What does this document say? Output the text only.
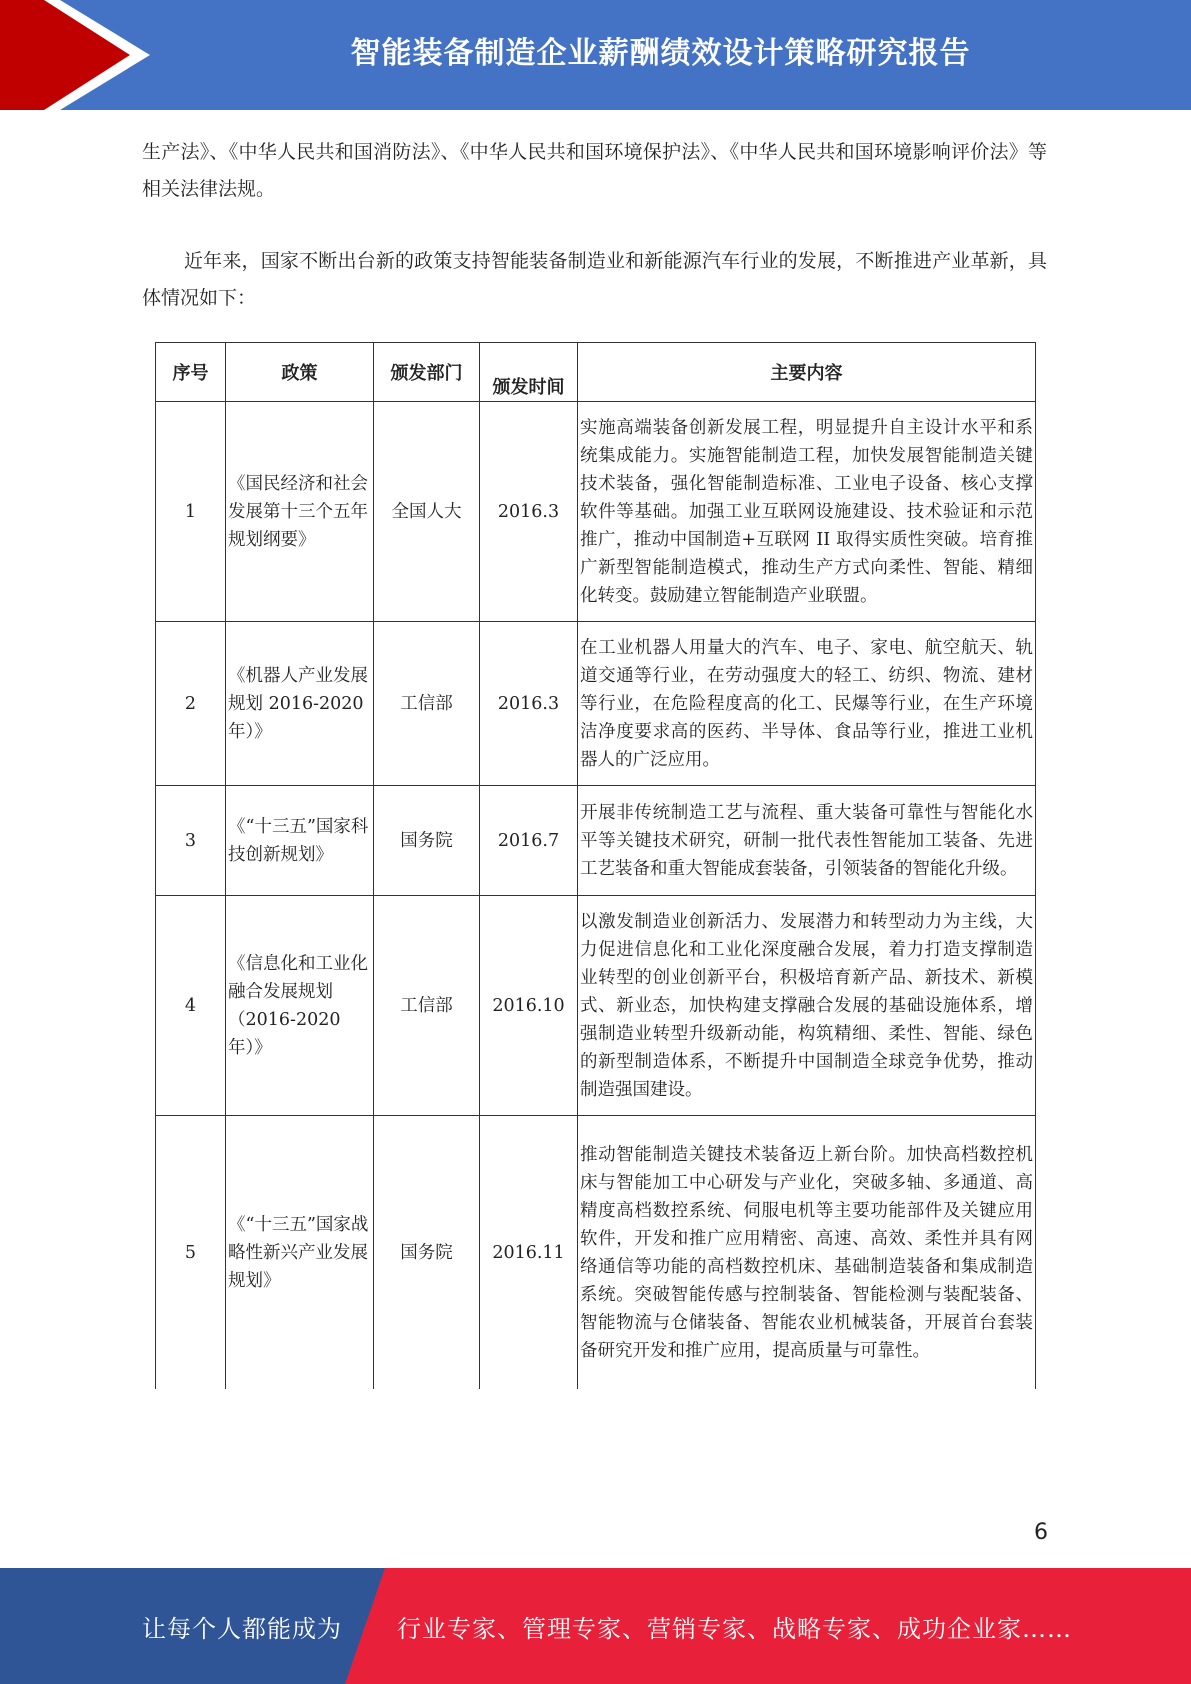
智能装备制造企业薪酬绩效设计策略研究报告

生产法》、《中华人民共和国消防法》、《中华人民共和国环境保护法》、《中华人民共和国环境影响评价法》等相关法律法规。

近年来，国家不断出台新的政策支持智能装备制造业和新能源汽车行业的发展，不断推进产业革新，具体情况如下：

序号	政策	颁发部门	颁发时间	主要内容
1	《国民经济和社会发展第十三个五年规划纲要》	全国人大	2016.3	实施高端装备创新发展工程，明显提升自主设计水平和系统集成能力。实施智能制造工程，加快发展智能制造关键技术装备，强化智能制造标准、工业电子设备、核心支撑软件等基础。加强工业互联网设施建设、技术验证和示范推广，推动中国制造+互联网 II 取得实质性突破。培育推广新型智能制造模式，推动生产方式向柔性、智能、精细化转变。鼓励建立智能制造产业联盟。
2	《机器人产业发展规划 2016-2020 年）》	工信部	2016.3	在工业机器人用量大的汽车、电子、家电、航空航天、轨道交通等行业，在劳动强度大的轻工、纺织、物流、建材等行业，在危险程度高的化工、民爆等行业，在生产环境洁净度要求高的医药、半导体、食品等行业，推进工业机器人的广泛应用。
3	《“十三五”国家科技创新规划》	国务院	2016.7	开展非传统制造工艺与流程、重大装备可靠性与智能化水平等关键技术研究，研制一批代表性智能加工装备、先进工艺装备和重大智能成套装备，引领装备的智能化升级。
4	《信息化和工业化融合发展规划（2016-2020 年）》	工信部	2016.10	以激发制造业创新活力、发展潜力和转型动力为主线，大力促进信息化和工业化深度融合发展，着力打造支撑制造业转型的创业创新平台，积极培育新产品、新技术、新模式、新业态，加快构建支撑融合发展的基础设施体系，增强制造业转型升级新动能，构筑精细、柔性、智能、绿色的新型制造体系，不断提升中国制造全球竞争优势，推动制造强国建设。
5	《“十三五”国家战略性新兴产业发展规划》	国务院	2016.11	推动智能制造关键技术装备迈上新台阶。加快高档数控机床与智能加工中心研发与产业化，突破多轴、多通道、高精度高档数控系统、伺服电机等主要功能部件及关键应用软件，开发和推广应用精密、高速、高效、柔性并具有网络通信等功能的高档数控机床、基础制造装备和集成制造系统。突破智能传感与控制装备、智能检测与装配装备、智能物流与仓储装备、智能农业机械装备，开展首台套装备研究开发和推广应用，提高质量与可靠性。
6
让每个人都能成为 行业专家、管理专家、营销专家、战略专家、成功企业家……
